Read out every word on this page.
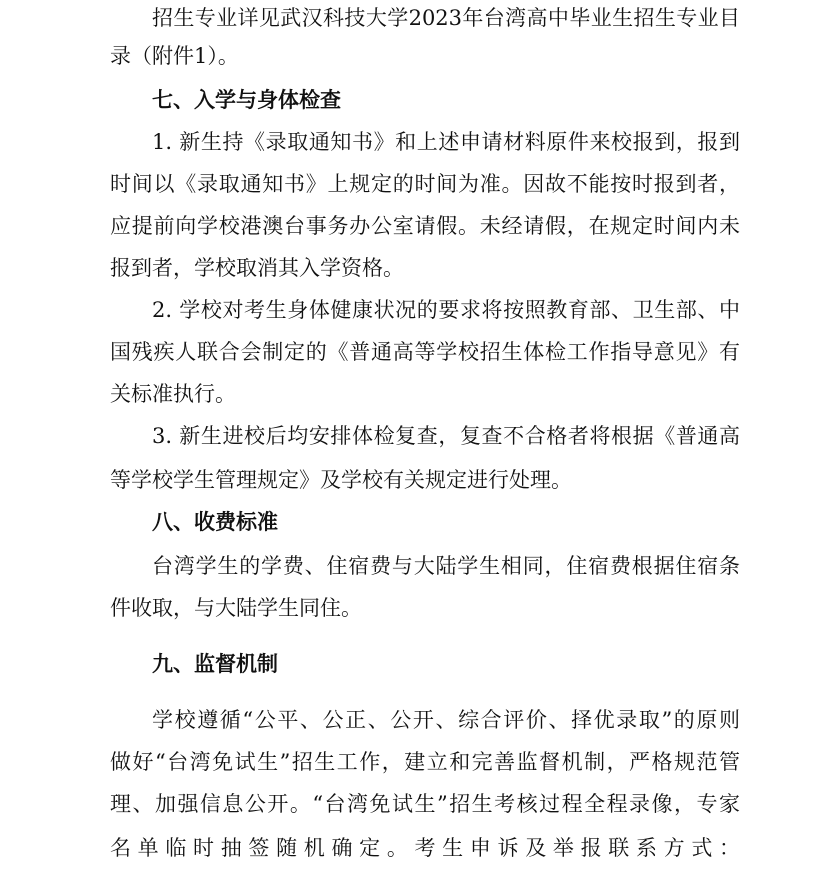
招生专业详见武汉科技大学2023年台湾高中毕业生招生专业目
录（附件1）。
七、入学与身体检查
1. 新生持《录取通知书》和上述申请材料原件来校报到，报到
时间以《录取通知书》上规定的时间为准。因故不能按时报到者，
应提前向学校港澳台事务办公室请假。未经请假，在规定时间内未
报到者，学校取消其入学资格。
2. 学校对考生身体健康状况的要求将按照教育部、卫生部、中
国残疾人联合会制定的《普通高等学校招生体检工作指导意见》有
关标准执行。
3. 新生进校后均安排体检复查，复查不合格者将根据《普通高
等学校学生管理规定》及学校有关规定进行处理。
八、收费标准
台湾学生的学费、住宿费与大陆学生相同，住宿费根据住宿条
件收取，与大陆学生同住。
九、监督机制
学校遵循“公平、公正、公开、综合评价、择优录取”的原则
做好“台湾免试生”招生工作，建立和完善监督机制，严格规范管
理、加强信息公开。“台湾免试生”招生考核过程全程录像，专家
名单临时抽签随机确定。考生申诉及举报联系方式：
